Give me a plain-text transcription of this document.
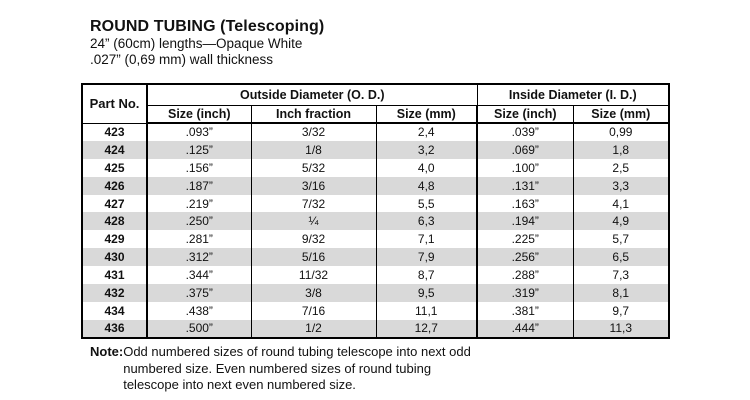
ROUND TUBING (Telescoping)
24” (60cm) lengths—Opaque White
.027” (0,69 mm) wall thickness
Part No.	Outside Diameter (O. D.)			Inside Diameter (I. D.)	
	Size (inch)	Inch fraction	Size (mm)	Size (inch)	Size (mm)
423	.093”	3/32	2,4	.039”	0,99
424	.125”	1/8	3,2	.069”	1,8
425	.156”	5/32	4,0	.100”	2,5
426	.187”	3/16	4,8	.131”	3,3
427	.219”	7/32	5,5	.163”	4,1
428	.250”	¼	6,3	.194”	4,9
429	.281”	9/32	7,1	.225”	5,7
430	.312”	5/16	7,9	.256”	6,5
431	.344”	11/32	8,7	.288”	7,3
432	.375”	3/8	9,5	.319”	8,1
434	.438”	7/16	11,1	.381”	9,7
436	.500”	1/2	12,7	.444”	11,3
Note: Odd numbered sizes of round tubing telescope into next odd numbered size. Even numbered sizes of round tubing telescope into next even numbered size.
